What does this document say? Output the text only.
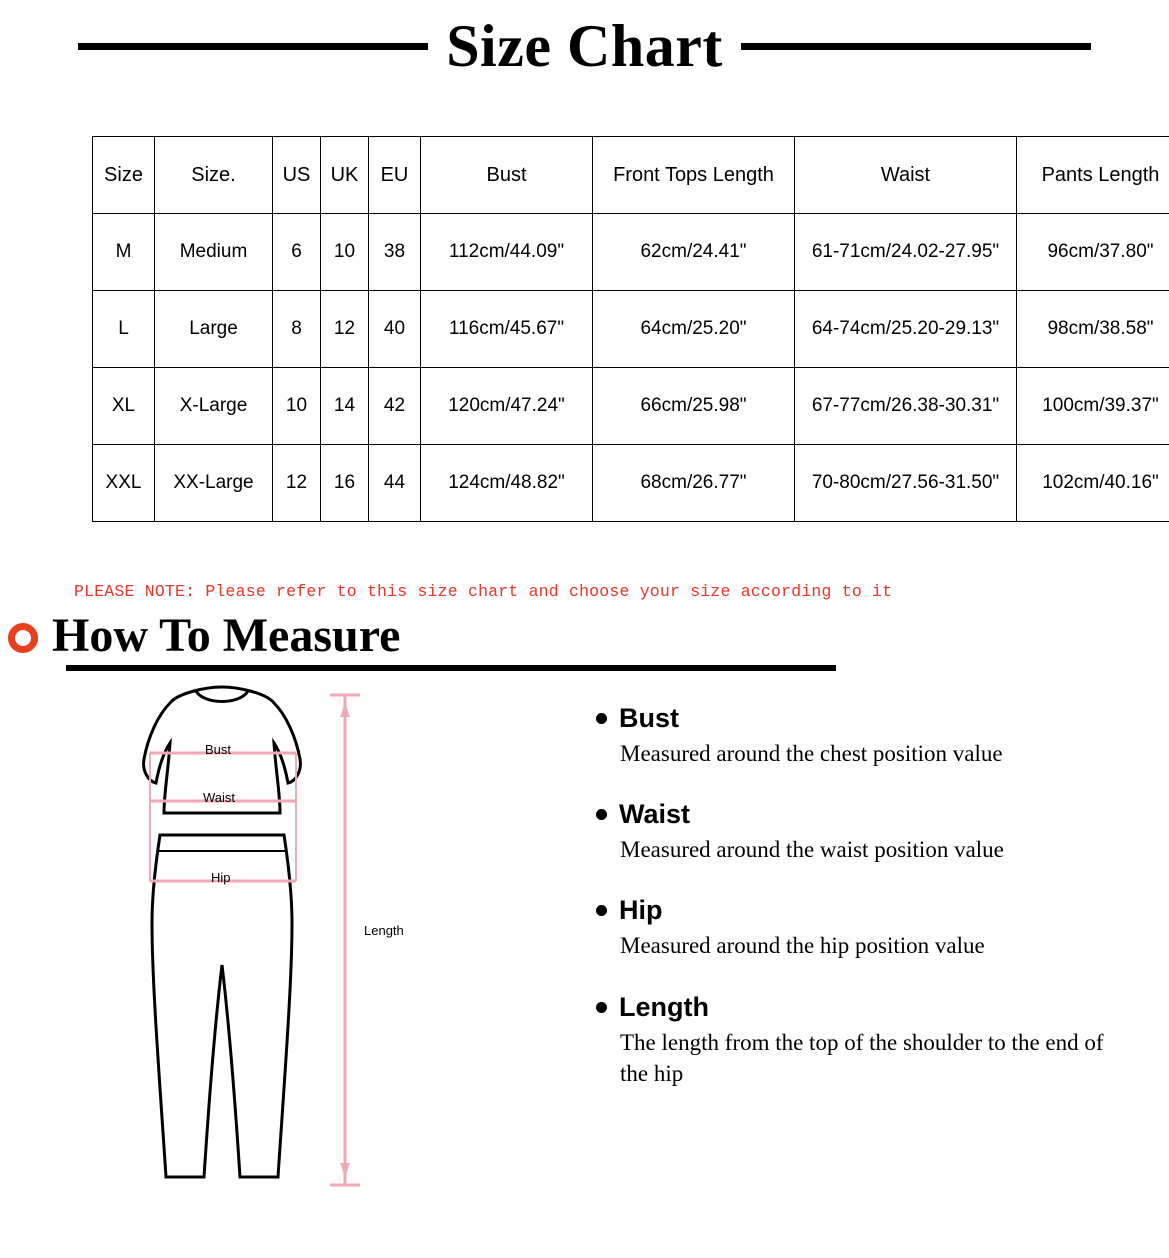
Size Chart
Size	Size.	US	UK	EU	Bust	Front Tops Length	Waist	Pants Length
M	Medium	6	10	38	112cm/44.09"	62cm/24.41"	61-71cm/24.02-27.95"	96cm/37.80"
L	Large	8	12	40	116cm/45.67"	64cm/25.20"	64-74cm/25.20-29.13"	98cm/38.58"
XL	X-Large	10	14	42	120cm/47.24"	66cm/25.98"	67-77cm/26.38-30.31"	100cm/39.37"
XXL	XX-Large	12	16	44	124cm/48.82"	68cm/26.77"	70-80cm/27.56-31.50"	102cm/40.16"
PLEASE NOTE: Please refer to this size chart and choose your size according to it
How To Measure
Bust
Waist
Hip
Length
Bust
Measured around the chest position value
Waist
Measured around the waist position value
Hip
Measured around the hip position value
Length
The length from the top of the shoulder to the end of the hip
